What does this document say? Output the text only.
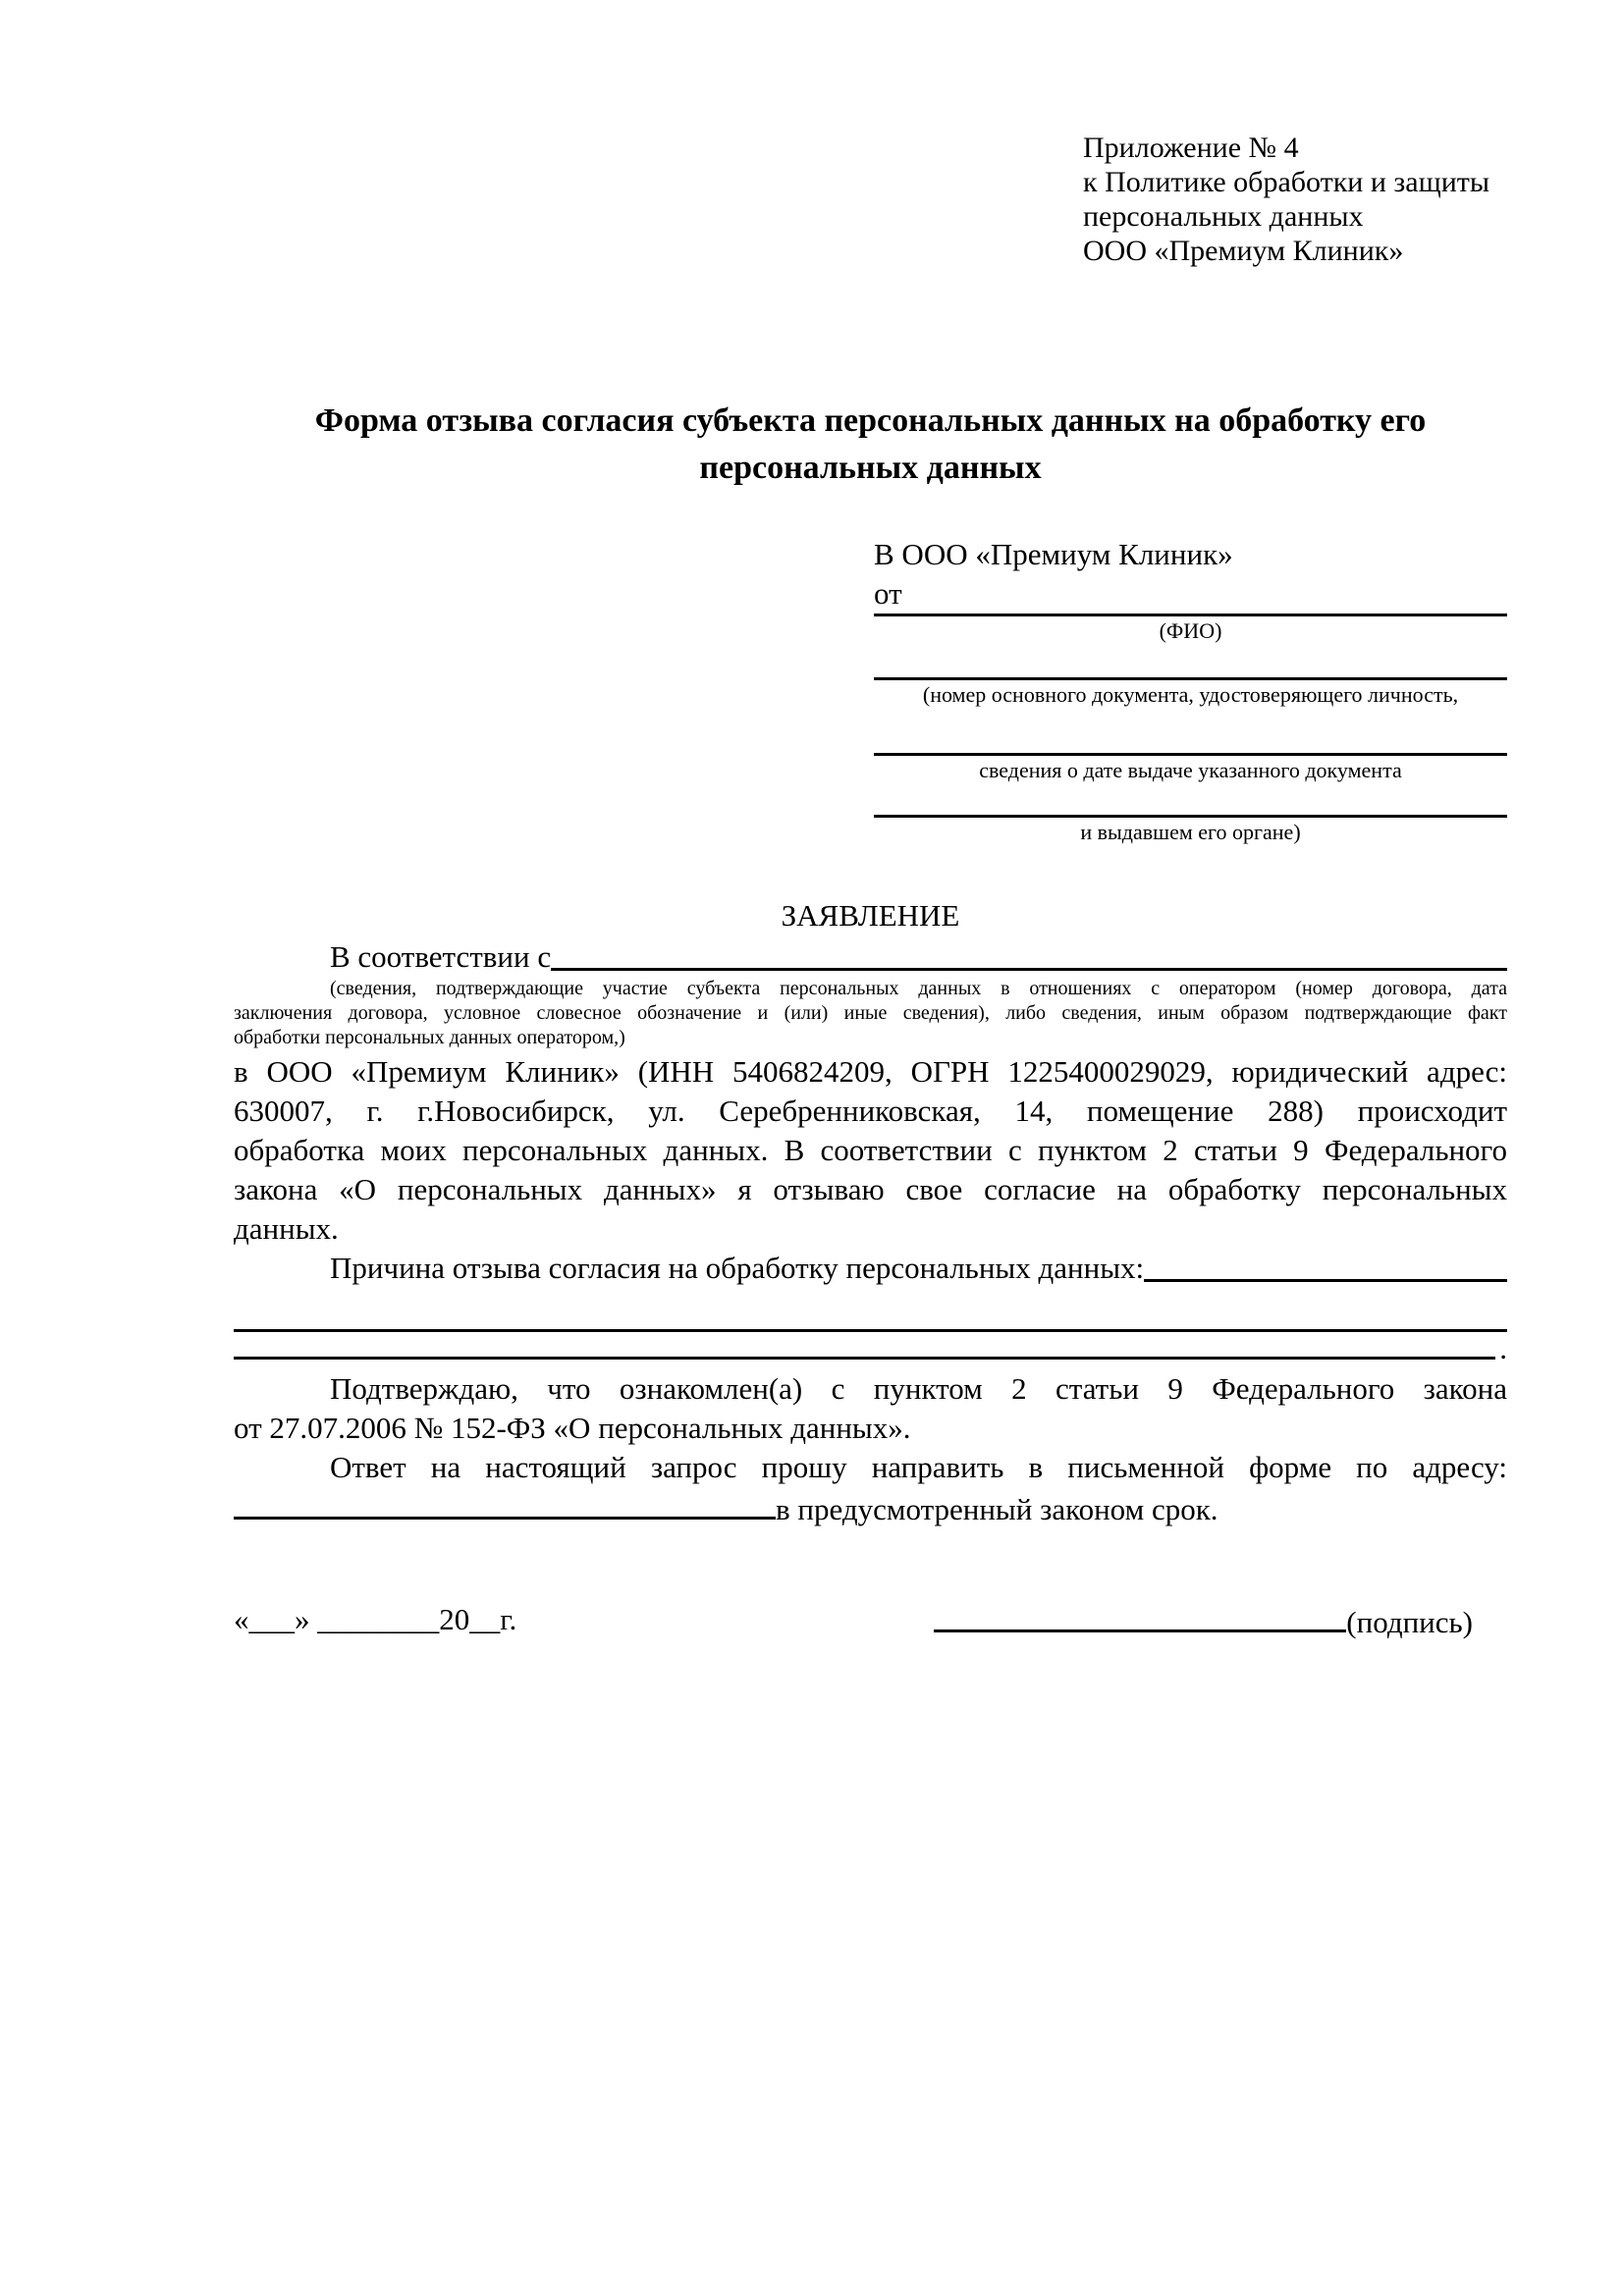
Приложение № 4
к Политике обработки и защиты
персональных данных
ООО «Премиум Клиник»
Форма отзыва согласия субъекта персональных данных на обработку его персональных данных
В ООО «Премиум Клиник»
от
(ФИО)
(номер основного документа, удостоверяющего личность,
сведения о дате выдаче указанного документа
и выдавшем его органе)
ЗАЯВЛЕНИЕ
В соответствии с
(сведения, подтверждающие участие субъекта персональных данных в отношениях с оператором (номер договора, дата
заключения договора, условное словесное обозначение и (или) иные сведения), либо сведения, иным образом подтверждающие факт
обработки персональных данных оператором,)
в ООО «Премиум Клиник» (ИНН 5406824209, ОГРН 1225400029029, юридический адрес:
630007, г. г.Новосибирск, ул. Серебренниковская, 14, помещение 288) происходит
обработка моих персональных данных. В соответствии с пунктом 2 статьи 9 Федерального
закона «О персональных данных» я отзываю свое согласие на обработку персональных
данных.
Причина отзыва согласия на обработку персональных данных:
.
Подтверждаю, что ознакомлен(а) с пунктом 2 статьи 9 Федерального закона
от 27.07.2006 № 152-ФЗ «О персональных данных».
Ответ на настоящий запрос прошу направить в письменной форме по адресу:
в предусмотренный законом срок.
«___» ________20__г.	(подпись)
